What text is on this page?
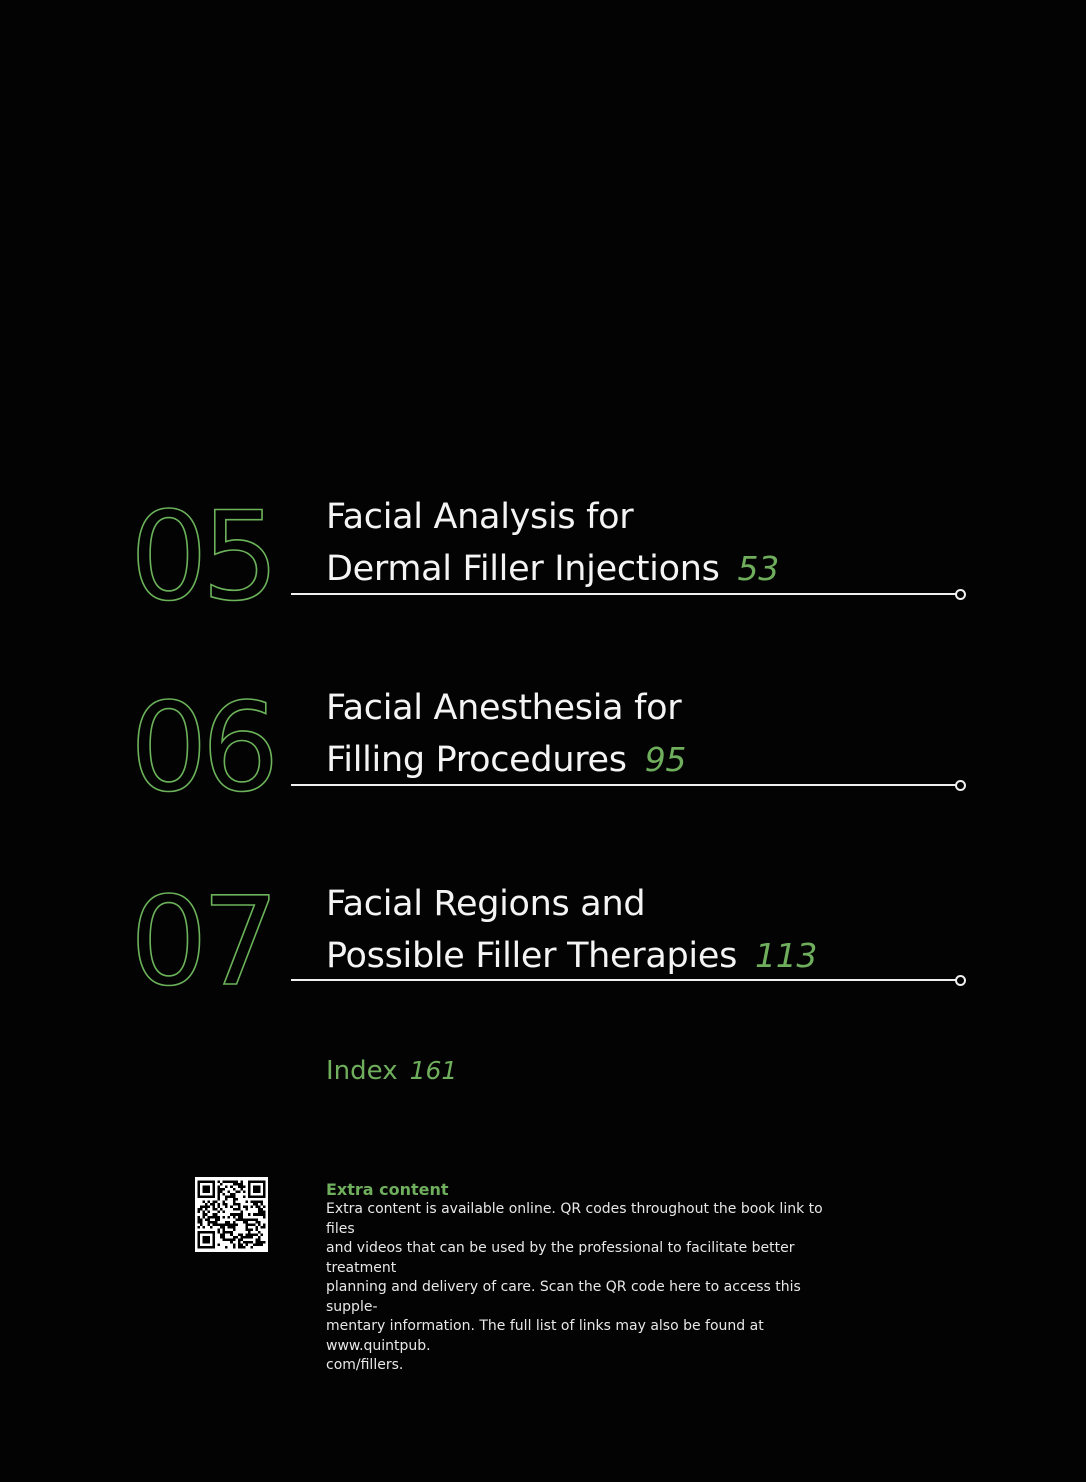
05 Facial Analysis for
Dermal Filler Injections 53
06 Facial Anesthesia for
Filling Procedures 95
07 Facial Regions and
Possible Filler Therapies 113
Index 161
Extra content
Extra content is available online. QR codes throughout the book link to files
and videos that can be used by the professional to facilitate better treatment
planning and delivery of care. Scan the QR code here to access this supple-
mentary information. The full list of links may also be found at www.quintpub.
com/fillers.
